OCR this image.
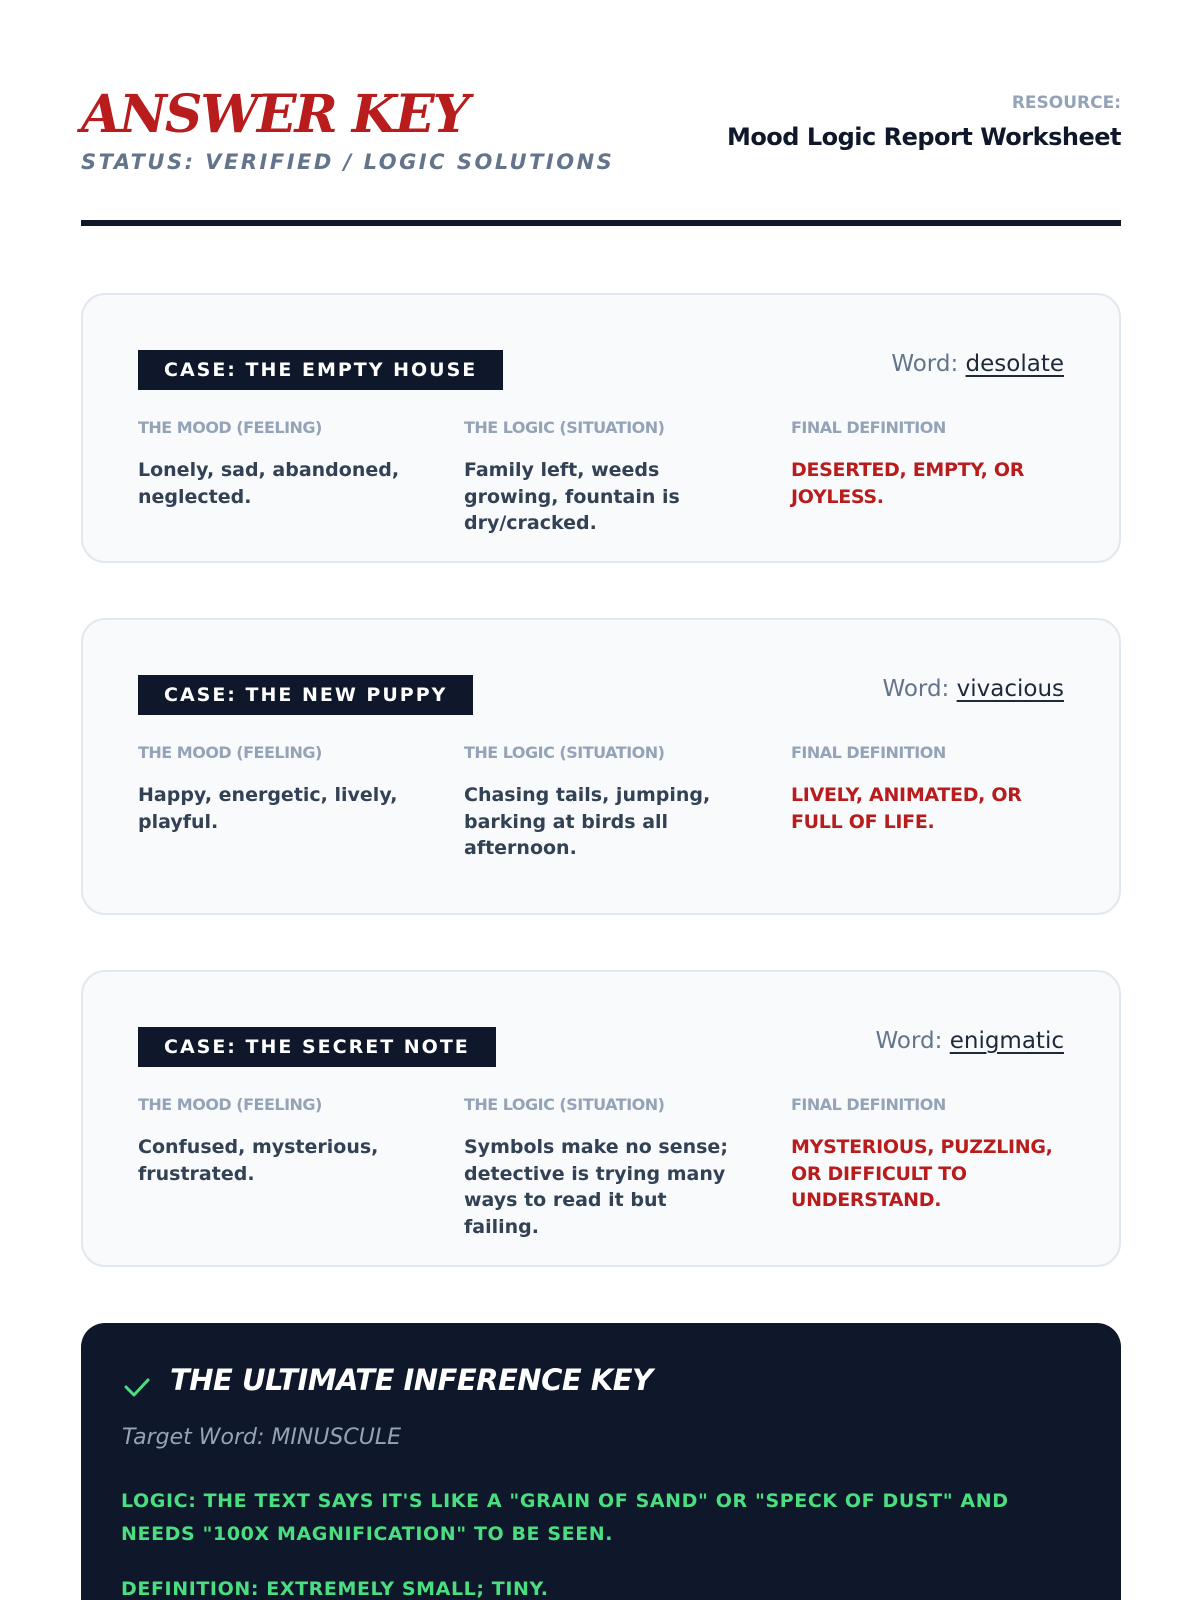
ANSWER KEY
STATUS: VERIFIED / LOGIC SOLUTIONS
RESOURCE:
Mood Logic Report Worksheet
CASE: THE EMPTY HOUSE	Word: desolate
THE MOOD (FEELING)
Lonely, sad, abandoned, neglected.
THE LOGIC (SITUATION)
Family left, weeds growing, fountain is dry/cracked.
FINAL DEFINITION
DESERTED, EMPTY, OR JOYLESS.
CASE: THE NEW PUPPY	Word: vivacious
THE MOOD (FEELING)
Happy, energetic, lively, playful.
THE LOGIC (SITUATION)
Chasing tails, jumping, barking at birds all afternoon.
FINAL DEFINITION
LIVELY, ANIMATED, OR FULL OF LIFE.
CASE: THE SECRET NOTE	Word: enigmatic
THE MOOD (FEELING)
Confused, mysterious, frustrated.
THE LOGIC (SITUATION)
Symbols make no sense; detective is trying many ways to read it but failing.
FINAL DEFINITION
MYSTERIOUS, PUZZLING, OR DIFFICULT TO UNDERSTAND.
THE ULTIMATE INFERENCE KEY
Target Word: MINUSCULE
LOGIC: THE TEXT SAYS IT'S LIKE A "GRAIN OF SAND" OR "SPECK OF DUST" AND NEEDS "100X MAGNIFICATION" TO BE SEEN.
DEFINITION: EXTREMELY SMALL; TINY.
